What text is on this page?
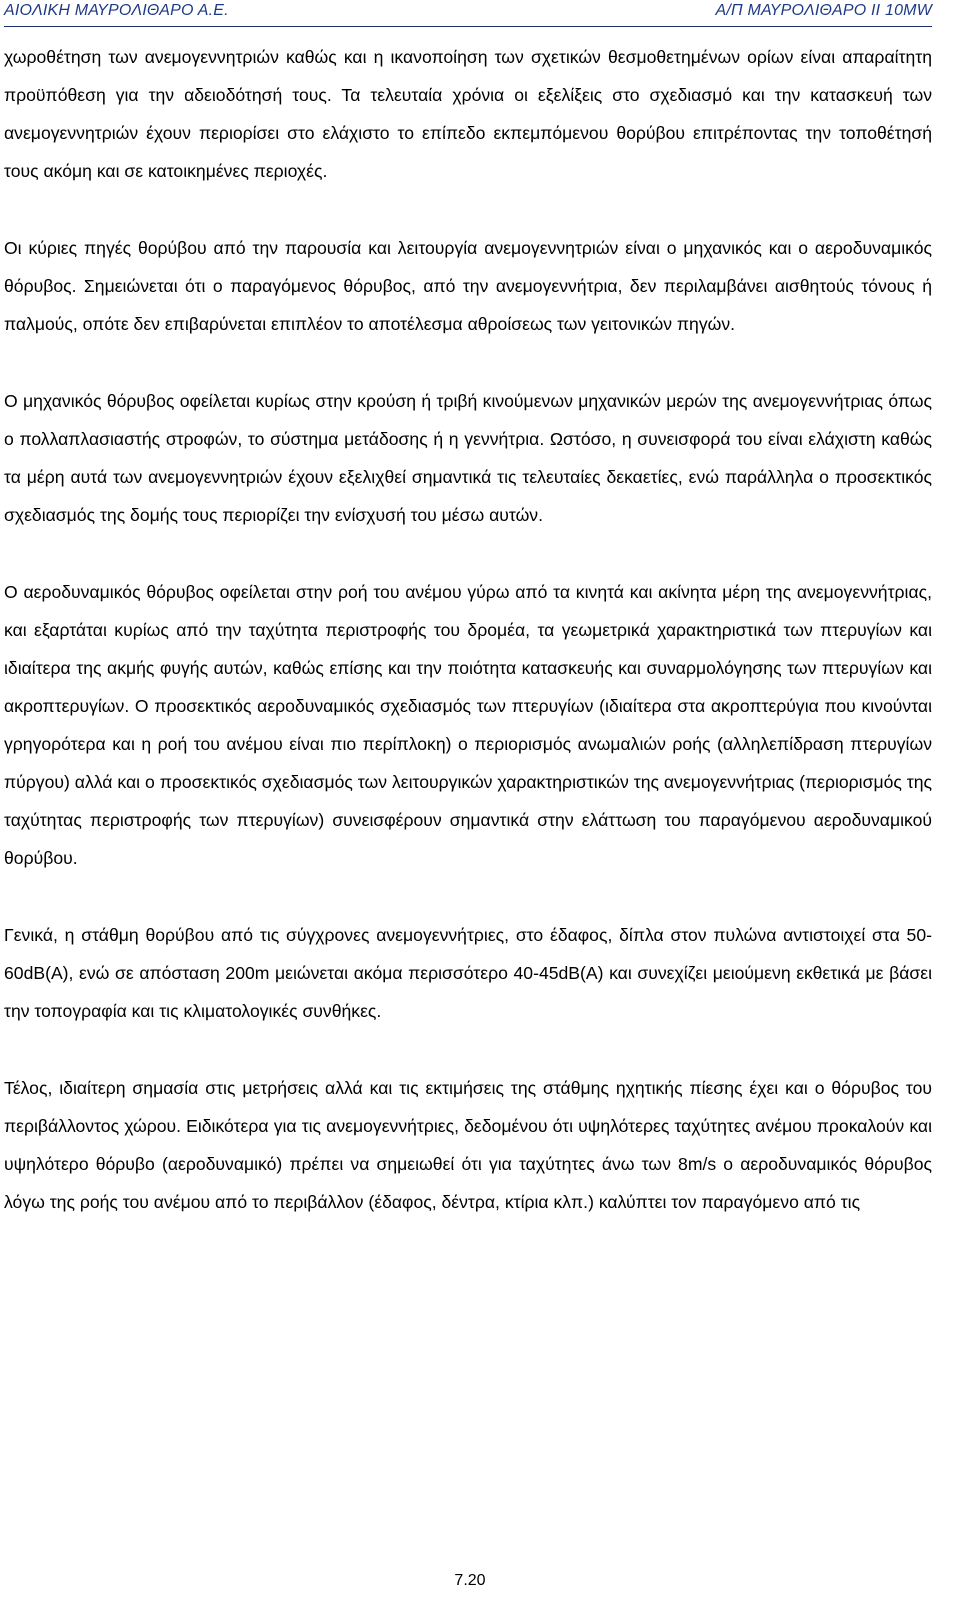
ΑΙΟΛΙΚΗ ΜΑΥΡΟΛΙΘΑΡΟ Α.Ε.	Α/Π ΜΑΥΡΟΛΙΘΑΡΟ ΙΙ 10MW

χωροθέτηση των ανεμογεννητριών καθώς και η ικανοποίηση των σχετικών θεσμοθετημένων ορίων είναι απαραίτητη προϋπόθεση για την αδειοδότησή τους. Τα τελευταία χρόνια οι εξελίξεις στο σχεδιασμό και την κατασκευή των ανεμογεννητριών έχουν περιορίσει στο ελάχιστο το επίπεδο εκπεμπόμενου θορύβου επιτρέποντας την τοποθέτησή τους ακόμη και σε κατοικημένες περιοχές.

Οι κύριες πηγές θορύβου από την παρουσία και λειτουργία ανεμογεννητριών είναι ο μηχανικός και ο αεροδυναμικός θόρυβος. Σημειώνεται ότι ο παραγόμενος θόρυβος, από την ανεμογεννήτρια, δεν περιλαμβάνει αισθητούς τόνους ή παλμούς, οπότε δεν επιβαρύνεται επιπλέον το αποτέλεσμα αθροίσεως των γειτονικών πηγών.

Ο μηχανικός θόρυβος οφείλεται κυρίως στην κρούση ή τριβή κινούμενων μηχανικών μερών της ανεμογεννήτριας όπως ο πολλαπλασιαστής στροφών, το σύστημα μετάδοσης ή η γεννήτρια. Ωστόσο, η συνεισφορά του είναι ελάχιστη καθώς τα μέρη αυτά των ανεμογεννητριών έχουν εξελιχθεί σημαντικά τις τελευταίες δεκαετίες, ενώ παράλληλα ο προσεκτικός σχεδιασμός της δομής τους περιορίζει την ενίσχυσή του μέσω αυτών.

Ο αεροδυναμικός θόρυβος οφείλεται στην ροή του ανέμου γύρω από τα κινητά και ακίνητα μέρη της ανεμογεννήτριας, και εξαρτάται κυρίως από την ταχύτητα περιστροφής του δρομέα, τα γεωμετρικά χαρακτηριστικά των πτερυγίων και ιδιαίτερα της ακμής φυγής αυτών, καθώς επίσης και την ποιότητα κατασκευής και συναρμολόγησης των πτερυγίων και ακροπτερυγίων. Ο προσεκτικός αεροδυναμικός σχεδιασμός των πτερυγίων (ιδιαίτερα στα ακροπτερύγια που κινούνται γρηγορότερα και η ροή του ανέμου είναι πιο περίπλοκη) ο περιορισμός ανωμαλιών ροής (αλληλεπίδραση πτερυγίων πύργου) αλλά και ο προσεκτικός σχεδιασμός των λειτουργικών χαρακτηριστικών της ανεμογεννήτριας (περιορισμός της ταχύτητας περιστροφής των πτερυγίων) συνεισφέρουν σημαντικά στην ελάττωση του παραγόμενου αεροδυναμικού θορύβου.

Γενικά, η στάθμη θορύβου από τις σύγχρονες ανεμογεννήτριες, στο έδαφος, δίπλα στον πυλώνα αντιστοιχεί στα 50-60dB(A), ενώ σε απόσταση 200m μειώνεται ακόμα περισσότερο 40-45dB(A) και συνεχίζει μειούμενη εκθετικά με βάσει την τοπογραφία και τις κλιματολογικές συνθήκες.

Τέλος, ιδιαίτερη σημασία στις μετρήσεις αλλά και τις εκτιμήσεις της στάθμης ηχητικής πίεσης έχει και ο θόρυβος του περιβάλλοντος χώρου. Ειδικότερα για τις ανεμογεννήτριες, δεδομένου ότι υψηλότερες ταχύτητες ανέμου προκαλούν και υψηλότερο θόρυβο (αεροδυναμικό) πρέπει να σημειωθεί ότι για ταχύτητες άνω των 8m/s ο αεροδυναμικός θόρυβος λόγω της ροής του ανέμου από το περιβάλλον (έδαφος, δέντρα, κτίρια κλπ.) καλύπτει τον παραγόμενο από τις

7.20
